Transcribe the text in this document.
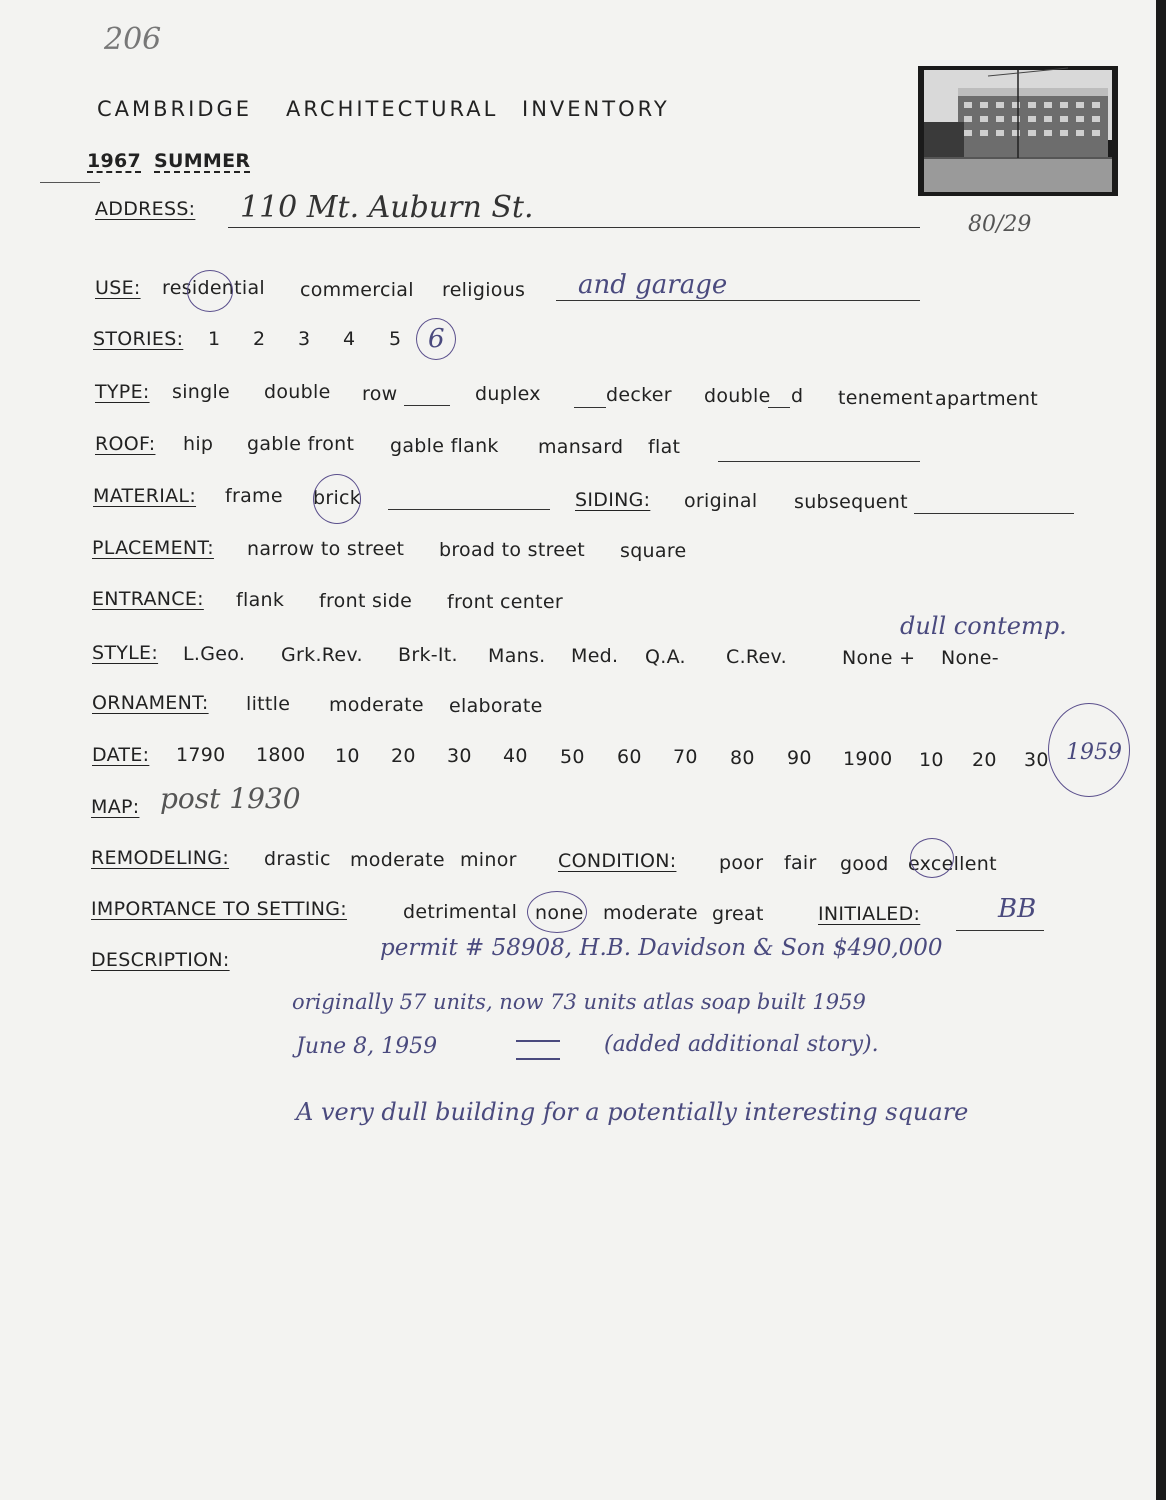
206
CAMBRIDGE ARCHITECTURAL INVENTORY
1967 SUMMER
80/29
ADDRESS: 110 Mt. Auburn St.
USE: residential commercial religious and garage
STORIES: 1 2 3 4 5 6
TYPE: single double row	duplex	decker double d tenement apartment
ROOF: hip gable front gable flank mansard flat
MATERIAL: frame brick	SIDING: original subsequent
PLACEMENT: narrow to street broad to street square
ENTRANCE: flank front side front center
STYLE: L.Geo. Grk.Rev. Brk-It. Mans. Med. Q.A. C.Rev.	None + None-
dull contemp.
ORNAMENT: little moderate elaborate
DATE: 1790 1800 10 20 30 40 50 60 70 80 90 1900 10 20 30 1959
MAP: post 1930
REMODELING: drastic moderate minor CONDITION: poor fair good excellent
IMPORTANCE TO SETTING:	detrimental none moderate great	INITIALED:	BB
DESCRIPTION:	permit # 58908, H.B. Davidson & Son $490,000
originally 57 units, now 73 units atlas soap built 1959
June 8, 1959	(added additional story).
A very dull building for a potentially interesting square
